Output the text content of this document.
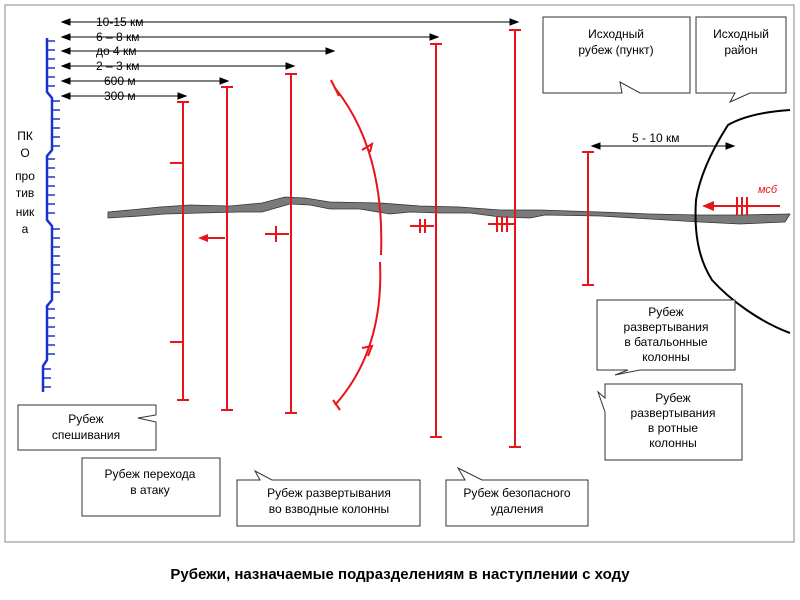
10-15 км
6 – 8 км
до 4 км
2 – 3 км
600 м
300 м
ПК
О
про
тив
ник
а
мсб
5 - 10 км
Исходный
рубеж (пункт)
Исходный
район
Рубеж
спешивания
Рубеж перехода
в атаку	Рубеж развертывания
во взводные колонны
Рубеж безопасного
удаления
Рубеж
развертывания
в батальонные
колонны
Рубеж
развертывания
в ротные
колонны
Рубежи, назначаемые подразделениям в наступлении с ходу
